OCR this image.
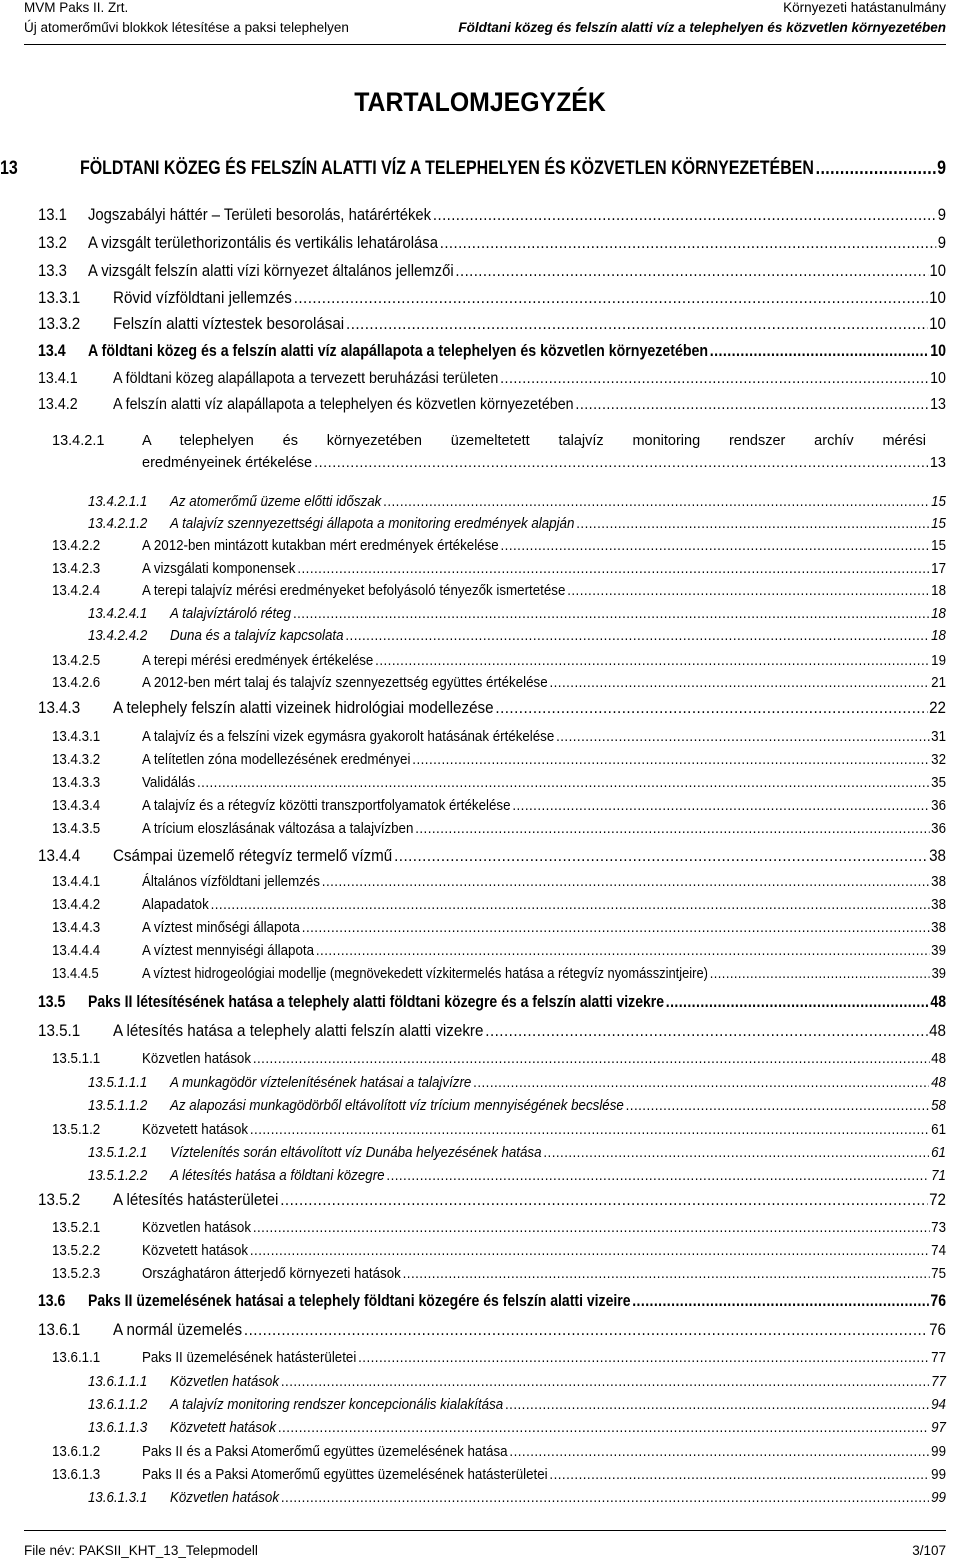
MVM Paks II. Zrt.
Új atomerőművi blokkok létesítése a paksi telephelyen
Környezeti hatástanulmány
Földtani közeg és felszín alatti víz a telephelyen és közvetlen környezetében
TARTALOMJEGYZÉK
13	FÖLDTANI KÖZEG ÉS FELSZÍN ALATTI VÍZ A TELEPHELYEN ÉS KÖZVETLEN KÖRNYEZETÉBEN .....	9
13.1	Jogszabályi háttér – Területi besorolás, határértékek .....	9
13.2	A vizsgált területhorizontális és vertikális lehatárolása .....	9
13.3	A vizsgált felszín alatti vízi környezet általános jellemzői .....	10
13.3.1	Rövid vízföldtani jellemzés .....	10
13.3.2	Felszín alatti víztestek besorolásai .....	10
13.4	A földtani közeg és a felszín alatti víz alapállapota a telephelyen és közvetlen környezetében .....	10
13.4.1	A földtani közeg alapállapota a tervezett beruházási területen .....	10
13.4.2	A felszín alatti víz alapállapota a telephelyen és közvetlen környezetében .....	13
13.4.2.1	A telephelyen és környezetében üzemeltetett talajvíz monitoring rendszer archív mérési
eredményeinek értékelése .....	13
13.4.2.1.1	Az atomerőmű üzeme előtti időszak .....	15
13.4.2.1.2	A talajvíz szennyezettségi állapota a monitoring eredmények alapján .....	15
13.4.2.2	A 2012-ben mintázott kutakban mért eredmények értékelése .....	15
13.4.2.3	A vizsgálati komponensek .....	17
13.4.2.4	A terepi talajvíz mérési eredményeket befolyásoló tényezők ismertetése .....	18
13.4.2.4.1	A talajvíztároló réteg .....	18
13.4.2.4.2	Duna és a talajvíz kapcsolata .....	18
13.4.2.5	A terepi mérési eredmények értékelése .....	19
13.4.2.6	A 2012-ben mért talaj és talajvíz szennyezettség együttes értékelése .....	21
13.4.3	A telephely felszín alatti vizeinek hidrológiai modellezése .....	22
13.4.3.1	A talajvíz és a felszíni vizek egymásra gyakorolt hatásának értékelése .....	31
13.4.3.2	A telítetlen zóna modellezésének eredményei .....	32
13.4.3.3	Validálás .....	35
13.4.3.4	A talajvíz és a rétegvíz közötti transzportfolyamatok értékelése .....	36
13.4.3.5	A trícium eloszlásának változása a talajvízben .....	36
13.4.4	Csámpai üzemelő rétegvíz termelő vízmű .....	38
13.4.4.1	Általános vízföldtani jellemzés .....	38
13.4.4.2	Alapadatok .....	38
13.4.4.3	A víztest minőségi állapota .....	38
13.4.4.4	A víztest mennyiségi állapota .....	39
13.4.4.5	A víztest hidrogeológiai modellje (megnövekedett vízkitermelés hatása a rétegvíz nyomásszintjeire) .....	39
13.5	Paks II létesítésének hatása a telephely alatti földtani közegre és a felszín alatti vizekre .....	48
13.5.1	A létesítés hatása a telephely alatti felszín alatti vizekre .....	48
13.5.1.1	Közvetlen hatások .....	48
13.5.1.1.1	A munkagödör víztelenítésének hatásai a talajvízre .....	48
13.5.1.1.2	Az alapozási munkagödörből eltávolított víz trícium mennyiségének becslése .....	58
13.5.1.2	Közvetett hatások .....	61
13.5.1.2.1	Víztelenítés során eltávolított víz Dunába helyezésének hatása .....	61
13.5.1.2.2	A létesítés hatása a földtani közegre .....	71
13.5.2	A létesítés hatásterületei .....	72
13.5.2.1	Közvetlen hatások .....	73
13.5.2.2	Közvetett hatások .....	74
13.5.2.3	Országhatáron átterjedő környezeti hatások .....	75
13.6	Paks II üzemelésének hatásai a telephely földtani közegére és felszín alatti vizeire .....	76
13.6.1	A normál üzemelés .....	76
13.6.1.1	Paks II üzemelésének hatásterületei .....	77
13.6.1.1.1	Közvetlen hatások .....	77
13.6.1.1.2	A talajvíz monitoring rendszer koncepcionális kialakítása .....	94
13.6.1.1.3	Közvetett hatások .....	97
13.6.1.2	Paks II és a Paksi Atomerőmű együttes üzemelésének hatása .....	99
13.6.1.3	Paks II és a Paksi Atomerőmű együttes üzemelésének hatásterületei .....	99
13.6.1.3.1	Közvetlen hatások .....	99
File név: PAKSII_KHT_13_Telepmodell	3/107
